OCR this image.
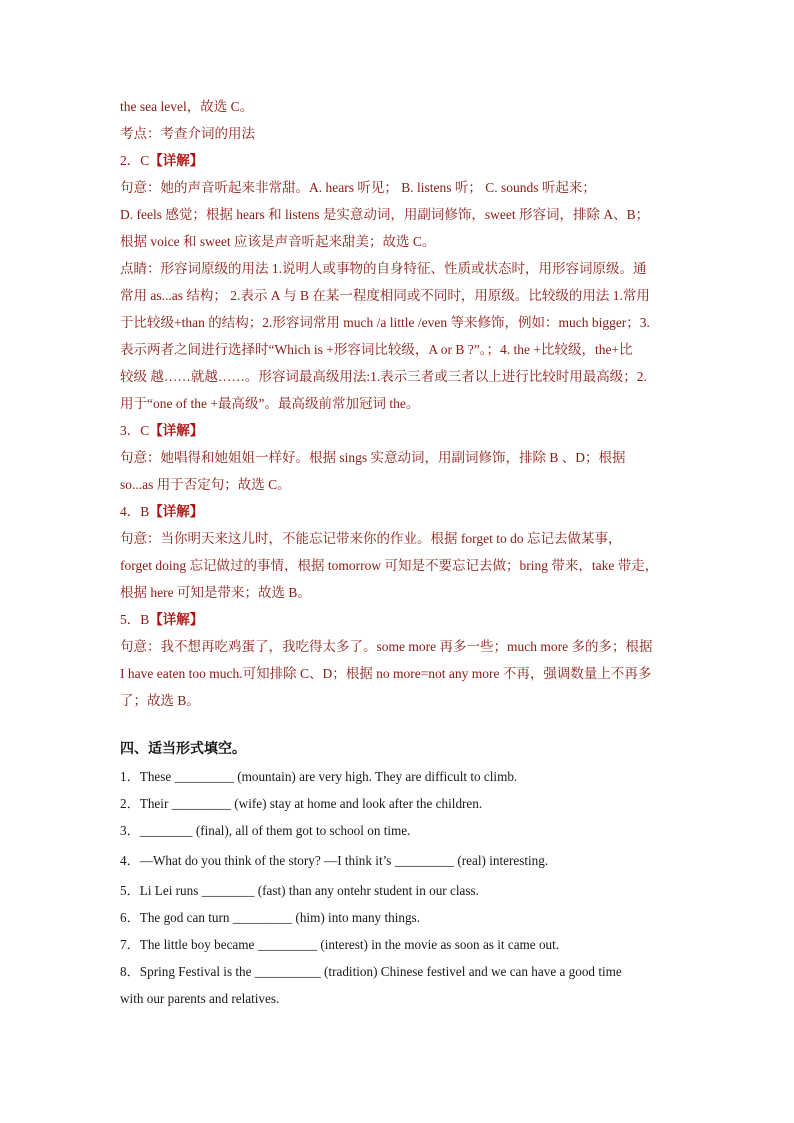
the sea level，故选 C。
考点：考查介词的用法
2．C【详解】
句意：她的声音听起来非常甜。A. hears 听见； B. listens 听； C. sounds 听起来；
D. feels 感觉；根据 hears 和 listens 是实意动词，用副词修饰，sweet 形容词，排除 A、B；
根据 voice 和 sweet 应该是声音听起来甜美；故选 C。
点睛：形容词原级的用法 1.说明人或事物的自身特征、性质或状态时，用形容词原级。通
常用 as...as 结构； 2.表示 A 与 B 在某一程度相同或不同时，用原级。比较级的用法 1.常用
于比较级+than 的结构；2.形容词常用 much /a little /even 等来修饰，例如：much bigger；3.
表示两者之间进行选择时“Which is +形容词比较级，A or B ?”。；4. the +比较级，the+比
较级 越……就越……。形容词最高级用法:1.表示三者或三者以上进行比较时用最高级；2.
用于“one of the +最高级”。最高级前常加冠词 the。
3．C【详解】
句意：她唱得和她姐姐一样好。根据 sings 实意动词，用副词修饰，排除 B 、D；根据
so...as 用于否定句；故选 C。
4．B【详解】
句意：当你明天来这儿时，不能忘记带来你的作业。根据 forget to do 忘记去做某事，
forget doing 忘记做过的事情，根据 tomorrow 可知是不要忘记去做；bring 带来，take 带走，
根据 here 可知是带来；故选 B。
5．B【详解】
句意：我不想再吃鸡蛋了，我吃得太多了。some more 再多一些；much more 多的多；根据
I have eaten too much.可知排除 C、D；根据 no more=not any more 不再，强调数量上不再多
了；故选 B。
四、适当形式填空。
1．These _________ (mountain) are very high. They are difficult to climb.
2．Their _________ (wife) stay at home and look after the children.
3．________ (final), all of them got to school on time.
4．—What do you think of the story? —I think it’s _________ (real) interesting.
5．Li Lei runs ________ (fast) than any ontehr student in our class.
6．The god can turn _________ (him) into many things.
7．The little boy became _________ (interest) in the movie as soon as it came out.
8．Spring Festival is the __________ (tradition) Chinese festivel and we can have a good time
with our parents and relatives.
